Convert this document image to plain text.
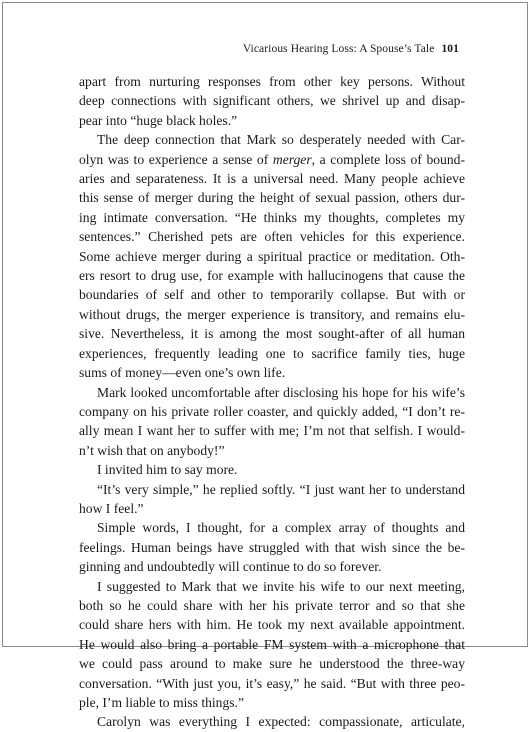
Vicarious Hearing Loss: A Spouse’s Tale 101
apart from nurturing responses from other key persons. Without
deep connections with significant others, we shrivel up and disap-
pear into “huge black holes.”
The deep connection that Mark so desperately needed with Car-
olyn was to experience a sense of merger, a complete loss of bound-
aries and separateness. It is a universal need. Many people achieve
this sense of merger during the height of sexual passion, others dur-
ing intimate conversation. “He thinks my thoughts, completes my
sentences.” Cherished pets are often vehicles for this experience.
Some achieve merger during a spiritual practice or meditation. Oth-
ers resort to drug use, for example with hallucinogens that cause the
boundaries of self and other to temporarily collapse. But with or
without drugs, the merger experience is transitory, and remains elu-
sive. Nevertheless, it is among the most sought-after of all human
experiences, frequently leading one to sacrifice family ties, huge
sums of money—even one’s own life.
Mark looked uncomfortable after disclosing his hope for his wife’s
company on his private roller coaster, and quickly added, “I don’t re-
ally mean I want her to suffer with me; I’m not that selfish. I would-
n’t wish that on anybody!”
I invited him to say more.
“It’s very simple,” he replied softly. “I just want her to understand
how I feel.”
Simple words, I thought, for a complex array of thoughts and
feelings. Human beings have struggled with that wish since the be-
ginning and undoubtedly will continue to do so forever.
I suggested to Mark that we invite his wife to our next meeting,
both so he could share with her his private terror and so that she
could share hers with him. He took my next available appointment.
He would also bring a portable FM system with a microphone that
we could pass around to make sure he understood the three-way
conversation. “With just you, it’s easy,” he said. “But with three peo-
ple, I’m liable to miss things.”
Carolyn was everything I expected: compassionate, articulate,
